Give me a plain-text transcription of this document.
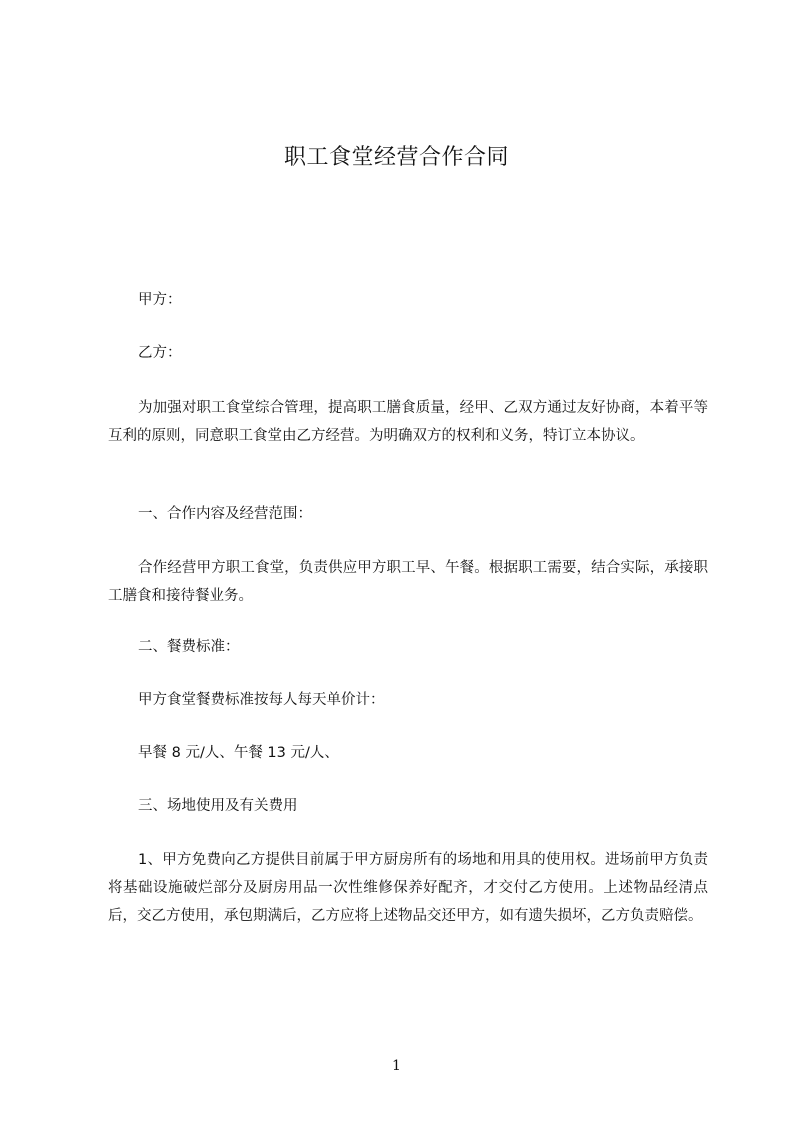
职工食堂经营合作合同
甲方：
乙方：
为加强对职工食堂综合管理，提高职工膳食质量，经甲、乙双方通过友好协商，本着平等互利的原则，同意职工食堂由乙方经营。为明确双方的权利和义务，特订立本协议。
一、合作内容及经营范围：
合作经营甲方职工食堂，负责供应甲方职工早、午餐。根据职工需要，结合实际，承接职工膳食和接待餐业务。
二、餐费标准：
甲方食堂餐费标准按每人每天单价计：
早餐 8 元/人、午餐 13 元/人、
三、场地使用及有关费用
1、甲方免费向乙方提供目前属于甲方厨房所有的场地和用具的使用权。进场前甲方负责将基础设施破烂部分及厨房用品一次性维修保养好配齐，才交付乙方使用。上述物品经清点后，交乙方使用，承包期满后，乙方应将上述物品交还甲方，如有遗失损坏，乙方负责赔偿。
1
